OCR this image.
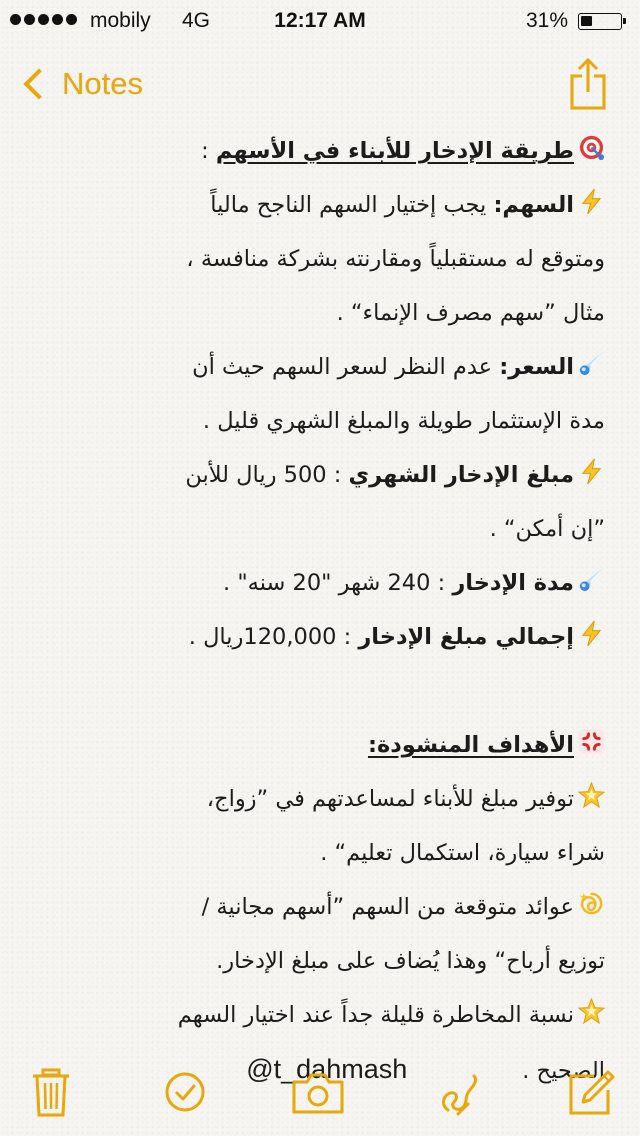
mobily 4G	12:17 AM	31%
Notes

طريقة الإدخار للأبناء في الأسهم :

السهم: يجب إختيار السهم الناجح مالياً

ومتوقع له مستقبلياً ومقارنته بشركة منافسة ،

مثال ”سهم مصرف الإنماء“ .

السعر: عدم النظر لسعر السهم حيث أن

مدة الإستثمار طويلة والمبلغ الشهري قليل .

مبلغ الإدخار الشهري : 500 ريال للأبن

”إن أمكن“ .

مدة الإدخار : 240 شهر "20 سنه" .

إجمالي مبلغ الإدخار : 120,000ريال .

الأهداف المنشودة:

توفير مبلغ للأبناء لمساعدتهم في ”زواج،

شراء سيارة، استكمال تعليم“ .

عوائد متوقعة من السهم ”أسهم مجانية /

توزيع أرباح“ وهذا يُضاف على مبلغ الإدخار.

نسبة المخاطرة قليلة جداً عند اختيار السهم

الصحيح .@t_dahmash
